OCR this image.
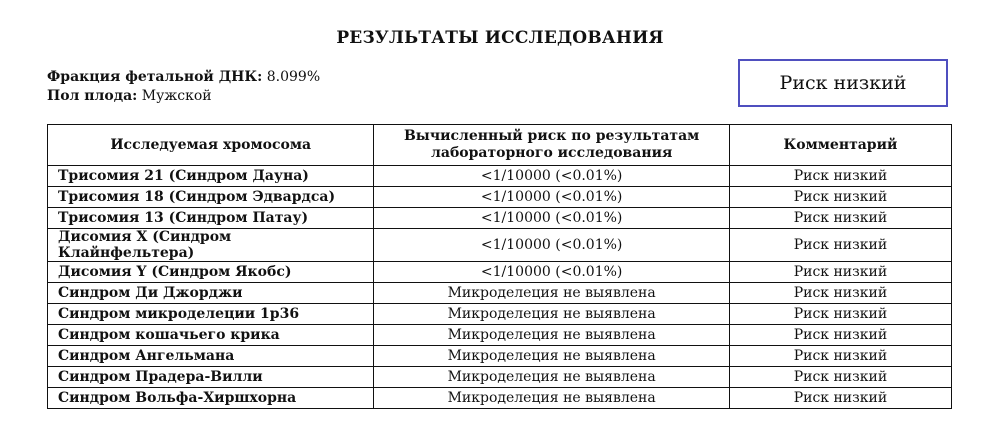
РЕЗУЛЬТАТЫ ИССЛЕДОВАНИЯ
Фракция фетальной ДНК: 8.099%
Пол плода: Мужской
Риск низкий
Исследуемая хромосома	Вычисленный риск по результатам лабораторного исследования	Комментарий
Трисомия 21 (Синдром Дауна)	<1/10000 (<0.01%)	Риск низкий
Трисомия 18 (Синдром Эдвардса)	<1/10000 (<0.01%)	Риск низкий
Трисомия 13 (Синдром Патау)	<1/10000 (<0.01%)	Риск низкий
Дисомия X (Синдром Клайнфельтера)	<1/10000 (<0.01%)	Риск низкий
Дисомия Y (Синдром Якобс)	<1/10000 (<0.01%)	Риск низкий
Синдром Ди Джорджи	Микроделеция не выявлена	Риск низкий
Синдром микроделеции 1p36	Микроделеция не выявлена	Риск низкий
Синдром кошачьего крика	Микроделеция не выявлена	Риск низкий
Синдром Ангельмана	Микроделеция не выявлена	Риск низкий
Синдром Прадера-Вилли	Микроделеция не выявлена	Риск низкий
Синдром Вольфа-Хиршхорна	Микроделеция не выявлена	Риск низкий
